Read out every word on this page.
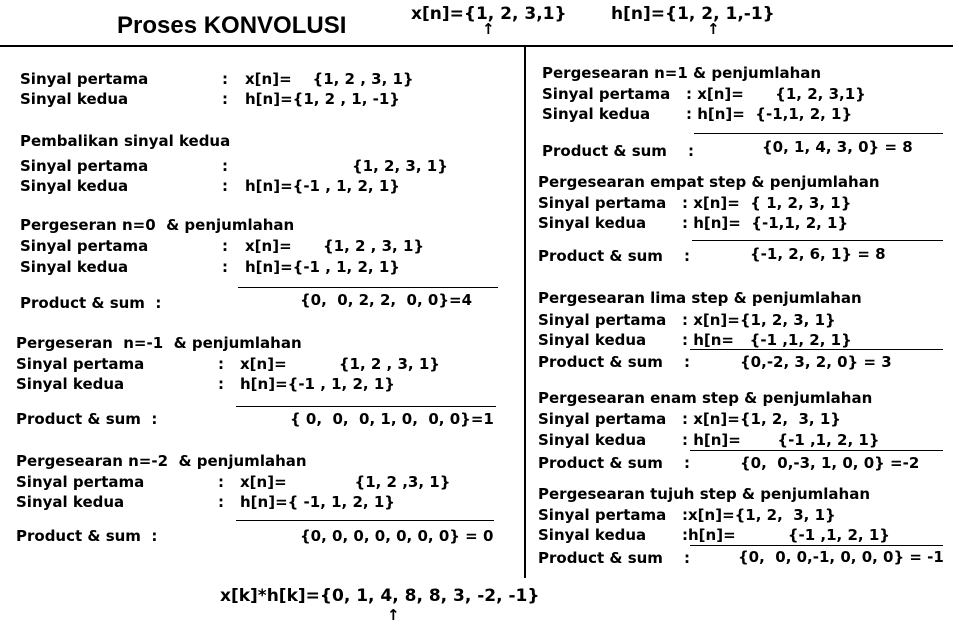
Proses KONVOLUSI	x[n]={1, 2, 3,1}	h[n]={1, 2, 1,-1}
↑	↑
Sinyal pertama	: x[n]=    {1, 2 , 3, 1}
Sinyal kedua	: h[n]={1, 2 , 1, -1}
Pembalikan sinyal kedua
Sinyal pertama	:	{1, 2, 3, 1}
Sinyal kedua	: h[n]={-1 , 1, 2, 1}
Pergeseran n=0  & penjumlahan
Sinyal pertama	: x[n]=      {1, 2 , 3, 1}
Sinyal kedua	: h[n]={-1 , 1, 2, 1}
Product & sum  :	{0,  0, 2, 2,  0, 0}=4
Pergeseran  n=-1  & penjumlahan
Sinyal pertama	: x[n]=          {1, 2 , 3, 1}
Sinyal kedua	: h[n]={-1 , 1, 2, 1}
Product & sum  :	{ 0,  0,  0, 1, 0,  0, 0}=1
Pergesearan n=-2  & penjumlahan
Sinyal pertama	: x[n]=             {1, 2 ,3, 1}
Sinyal kedua	: h[n]={ -1, 1, 2, 1}
Product & sum  :	{0, 0, 0, 0, 0, 0, 0} = 0
Pergesearan n=1 & penjumlahan
Sinyal pertama : x[n]=      {1, 2, 3,1}
Sinyal kedua : h[n]=  {-1,1, 2, 1}
Product & sum :	{0, 1, 4, 3, 0} = 8
Pergesearan empat step & penjumlahan
Sinyal pertama : x[n]=  { 1, 2, 3, 1}
Sinyal kedua : h[n]=  {-1,1, 2, 1}
Product & sum :	{-1, 2, 6, 1} = 8
Pergesearan lima step & penjumlahan
Sinyal pertama : x[n]={1, 2, 3, 1}
Sinyal kedua : h[n=   {-1 ,1, 2, 1}
Product & sum :	{0,-2, 3, 2, 0} = 3
Pergesearan enam step & penjumlahan
Sinyal pertama : x[n]={1, 2,  3, 1}
Sinyal kedua : h[n]=       {-1 ,1, 2, 1}
Product & sum :	{0,  0,-3, 1, 0, 0} =-2
Pergesearan tujuh step & penjumlahan
Sinyal pertama :x[n]={1, 2,  3, 1}
Sinyal kedua :h[n]=          {-1 ,1, 2, 1}
Product & sum :	{0,  0, 0,-1, 0, 0, 0} = -1
x[k]*h[k]={0, 1, 4, 8, 8, 3, -2, -1}
↑
